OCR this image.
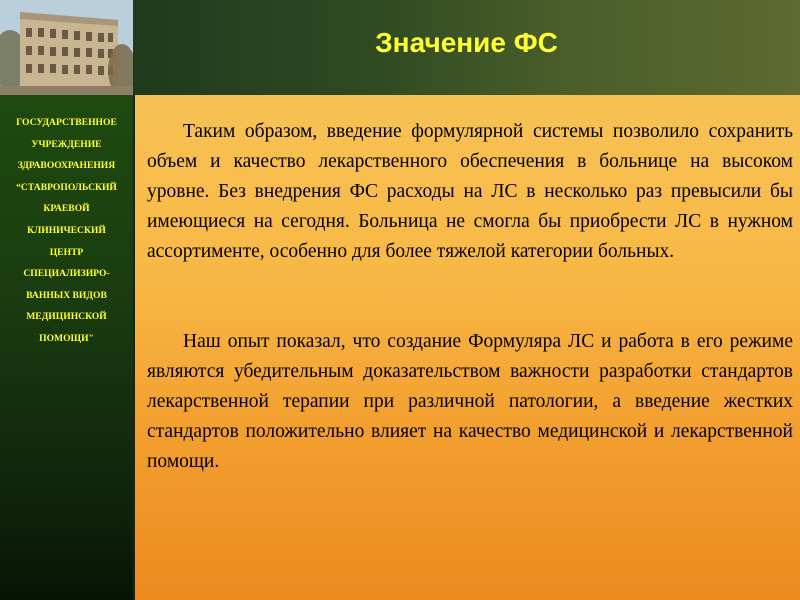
Значение ФС
ГОСУДАРСТВЕННОЕ
УЧРЕЖДЕНИЕ
ЗДРАВООХРАНЕНИЯ
“СТАВРОПОЛЬСКИЙ
КРАЕВОЙ
КЛИНИЧЕСКИЙ
ЦЕНТР
СПЕЦИАЛИЗИРО-
ВАННЫХ ВИДОВ
МЕДИЦИНСКОЙ
ПОМОЩИ"

Таким образом, введение формулярной системы позволило сохранить объем и качество лекарственного обеспечения в больнице на высоком уровне. Без внедрения ФС расходы на ЛС в несколько раз превысили бы имеющиеся на сегодня. Больница не смогла бы приобрести ЛС в нужном ассортименте, особенно для более тяжелой категории больных.

Наш опыт показал, что создание Формуляра ЛС и работа в его режиме являются убедительным доказательством важности разработки стандартов лекарственной терапии при различной патологии, а введение жестких стандартов положительно влияет на качество медицинской и лекарственной помощи.
